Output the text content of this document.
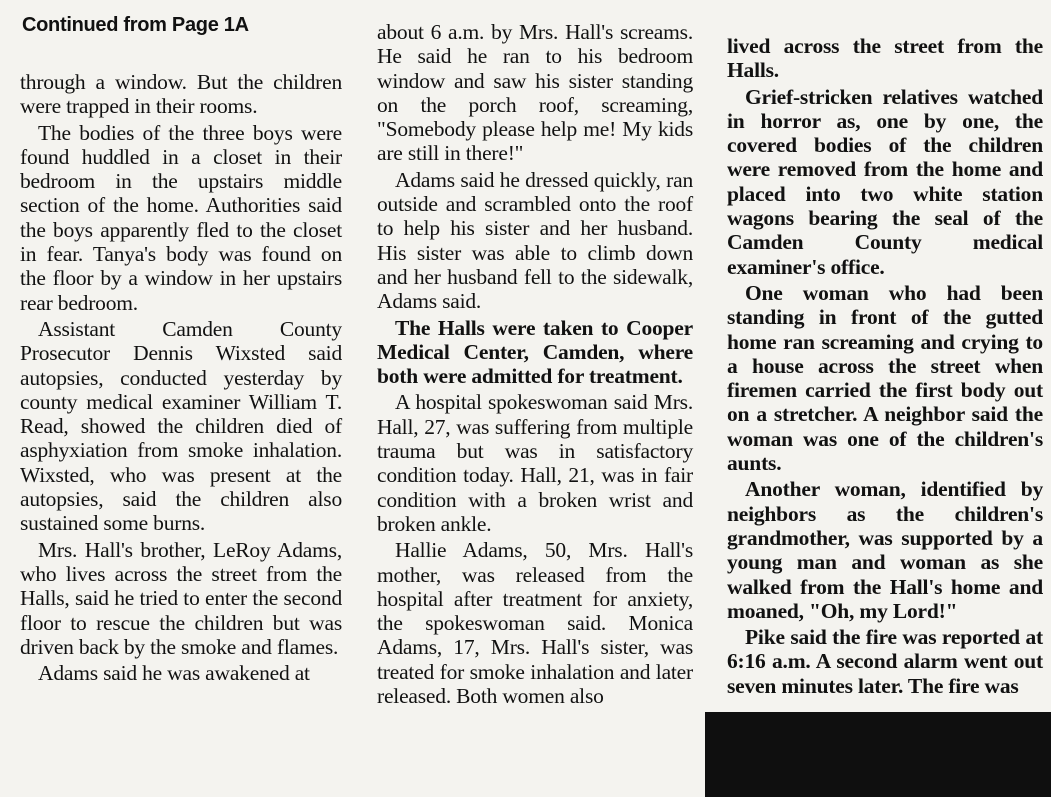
Continued from Page 1A

through a window. But the children were trapped in their rooms.

The bodies of the three boys were found huddled in a closet in their bedroom in the upstairs middle section of the home. Authorities said the boys apparently fled to the closet in fear. Tanya's body was found on the floor by a window in her upstairs rear bedroom.

Assistant Camden County Prosecutor Dennis Wixsted said autopsies, conducted yesterday by county medical examiner William T. Read, showed the children died of asphyxiation from smoke inhalation. Wixsted, who was present at the autopsies, said the children also sustained some burns.

Mrs. Hall's brother, LeRoy Adams, who lives across the street from the Halls, said he tried to enter the second floor to rescue the children but was driven back by the smoke and flames.

Adams said he was awakened at

about 6 a.m. by Mrs. Hall's screams. He said he ran to his bedroom window and saw his sister standing on the porch roof, screaming, "Somebody please help me! My kids are still in there!"

Adams said he dressed quickly, ran outside and scrambled onto the roof to help his sister and her husband. His sister was able to climb down and her husband fell to the sidewalk, Adams said.

The Halls were taken to Cooper Medical Center, Camden, where both were admitted for treatment.

A hospital spokeswoman said Mrs. Hall, 27, was suffering from multiple trauma but was in satisfactory condition today. Hall, 21, was in fair condition with a broken wrist and broken ankle.

Hallie Adams, 50, Mrs. Hall's mother, was released from the hospital after treatment for anxiety, the spokeswoman said. Monica Adams, 17, Mrs. Hall's sister, was treated for smoke inhalation and later released. Both women also

lived across the street from the Halls.

Grief-stricken relatives watched in horror as, one by one, the covered bodies of the children were removed from the home and placed into two white station wagons bearing the seal of the Camden County medical examiner's office.

One woman who had been standing in front of the gutted home ran screaming and crying to a house across the street when firemen carried the first body out on a stretcher. A neighbor said the woman was one of the children's aunts.

Another woman, identified by neighbors as the children's grandmother, was supported by a young man and woman as she walked from the Hall's home and moaned, "Oh, my Lord!"

Pike said the fire was reported at 6:16 a.m. A second alarm went out seven minutes later. The fire was
